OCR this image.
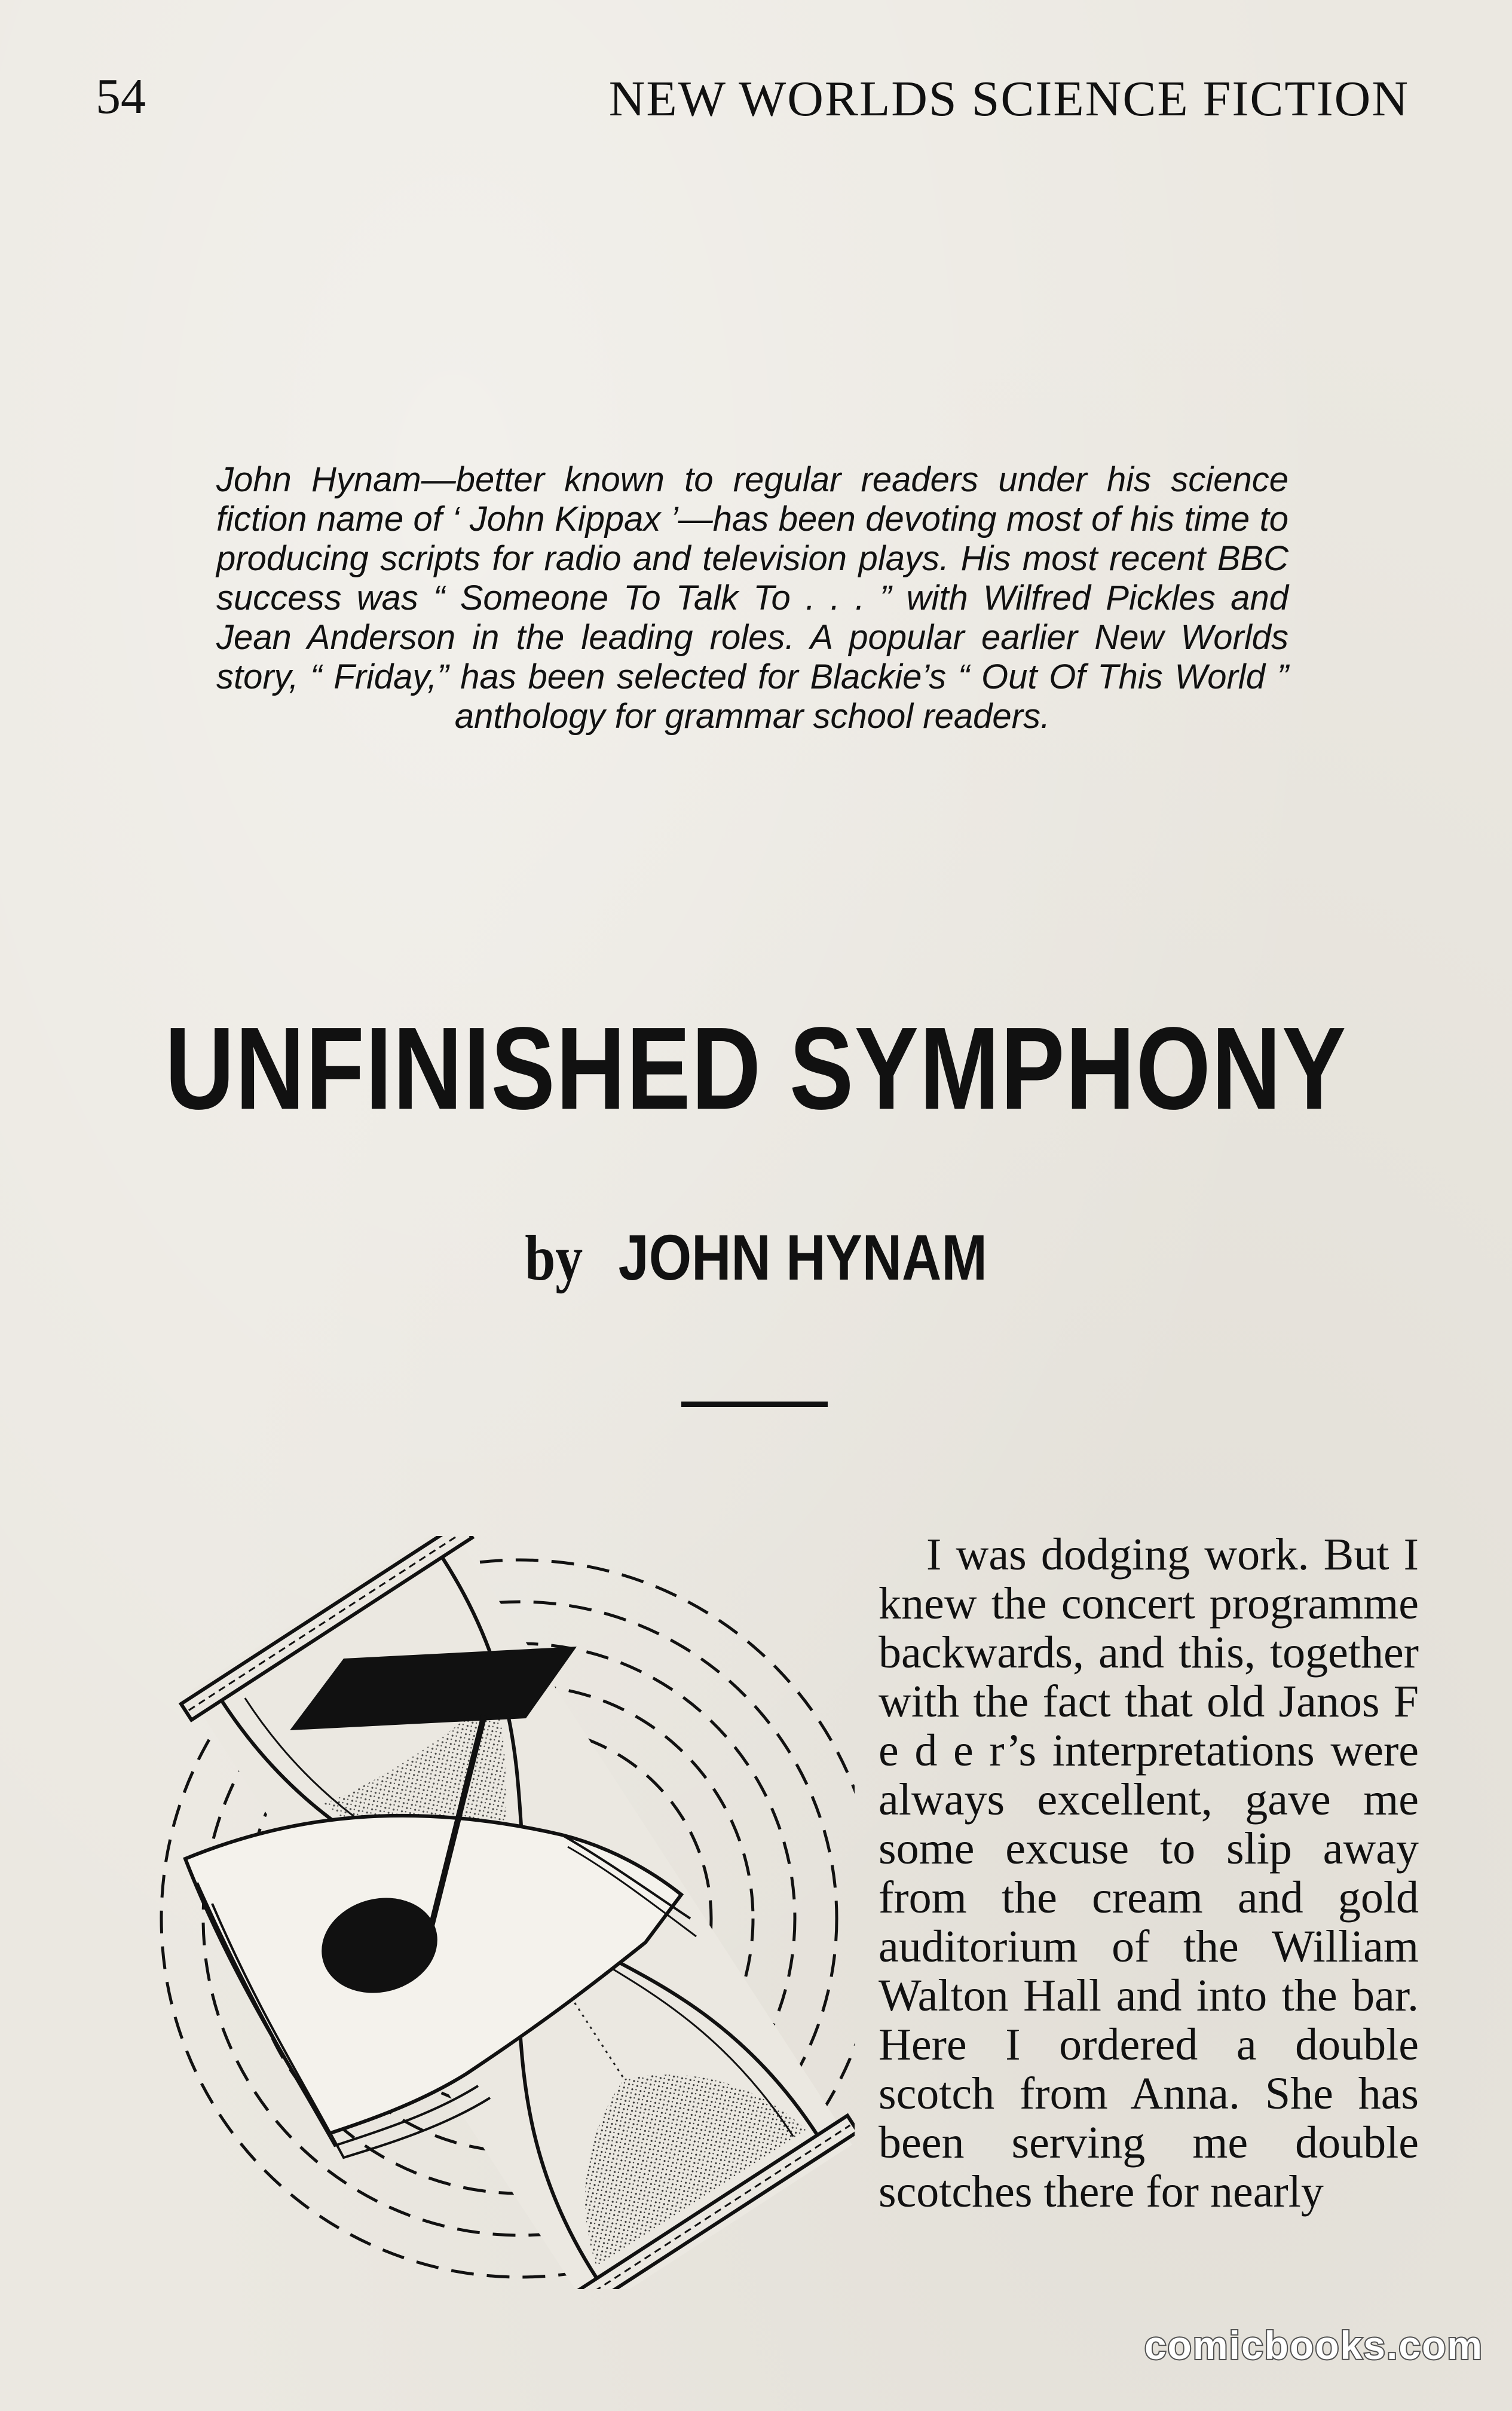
54	NEW WORLDS SCIENCE FICTION

John Hynam—better known to regular readers under his science fiction name of ‘ John Kippax ’—has been devoting most of his time to producing scripts for radio and television plays. His most recent BBC success was “ Someone To Talk To . . . ” with Wilfred Pickles and Jean Anderson in the leading roles. A popular earlier New Worlds story, “ Friday,” has been selected for Blackie’s “ Out Of This World ” anthology for grammar school readers.

UNFINISHED SYMPHONY
by JOHN HYNAM

I was dodging work. But I knew the concert programme backwards, and this, together with the fact that old Janos F e d e r’s interpretations were always excellent, gave me some excuse to slip away from the cream and gold auditorium of the William Walton Hall and into the bar. Here I ordered a double scotch from Anna. She has been serving me double scotches there for nearly

comicbooks.com
